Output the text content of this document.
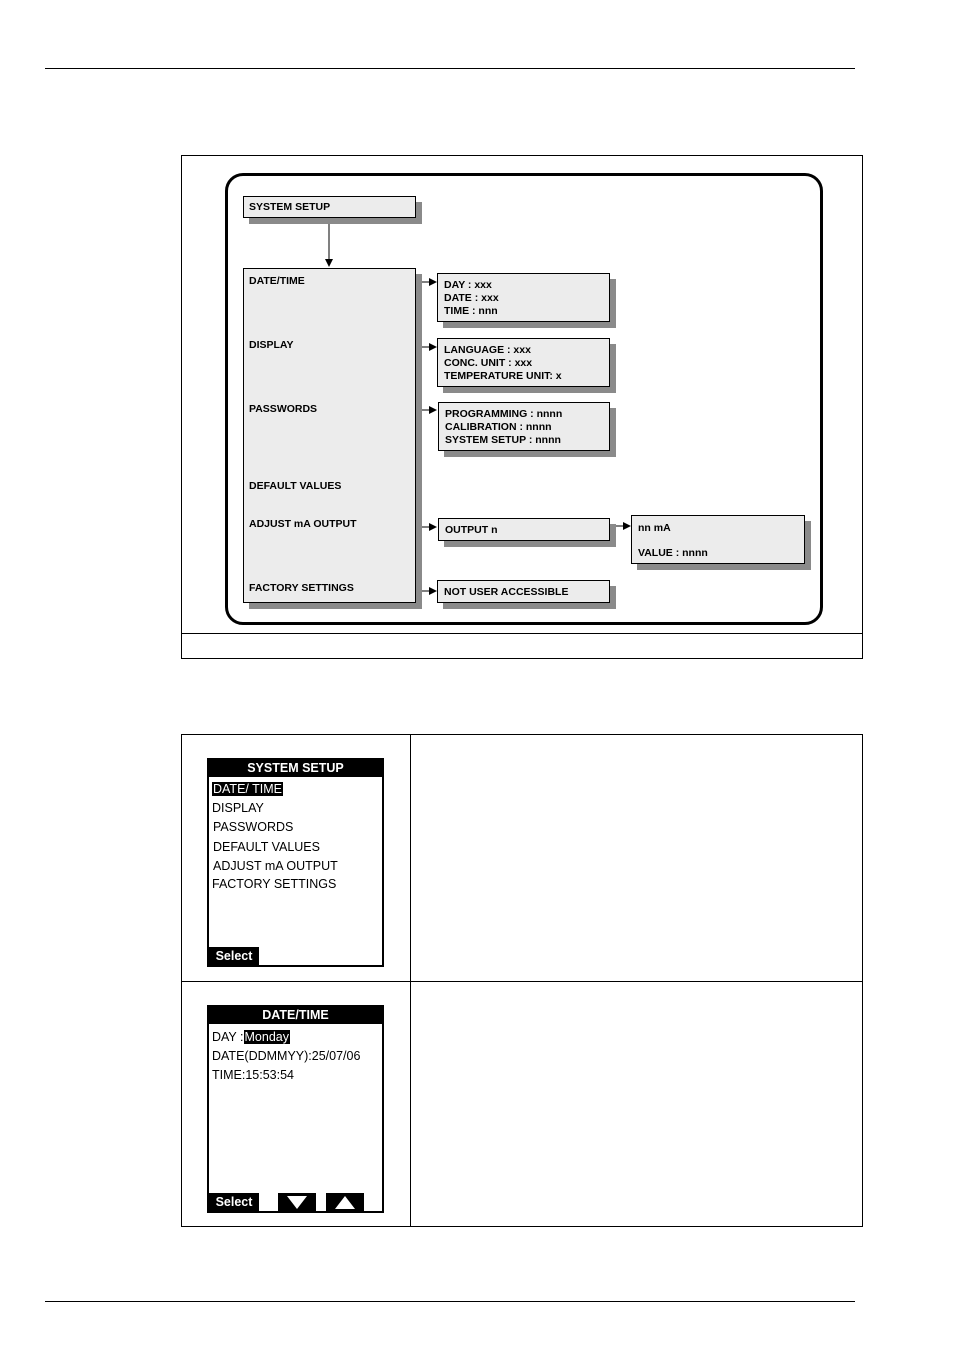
SYSTEM SETUP
DATE/TIME
DISPLAY
PASSWORDS
DEFAULT VALUES
ADJUST mA OUTPUT
FACTORY SETTINGS
DAY : xxx
DATE : xxx
TIME : nnn
LANGUAGE : xxx
CONC. UNIT : xxx
TEMPERATURE UNIT: x
PROGRAMMING : nnnn
CALIBRATION : nnnn
SYSTEM SETUP : nnnn
OUTPUT n	nn mA
VALUE : nnnn
NOT USER ACCESSIBLE
SYSTEM SETUP
DATE/ TIME
DISPLAY
PASSWORDS
DEFAULT VALUES
ADJUST mA OUTPUT
FACTORY SETTINGS
Select
DATE/TIME
DAY :Monday
DATE(DDMMYY):25/07/06
TIME:15:53:54
Select
